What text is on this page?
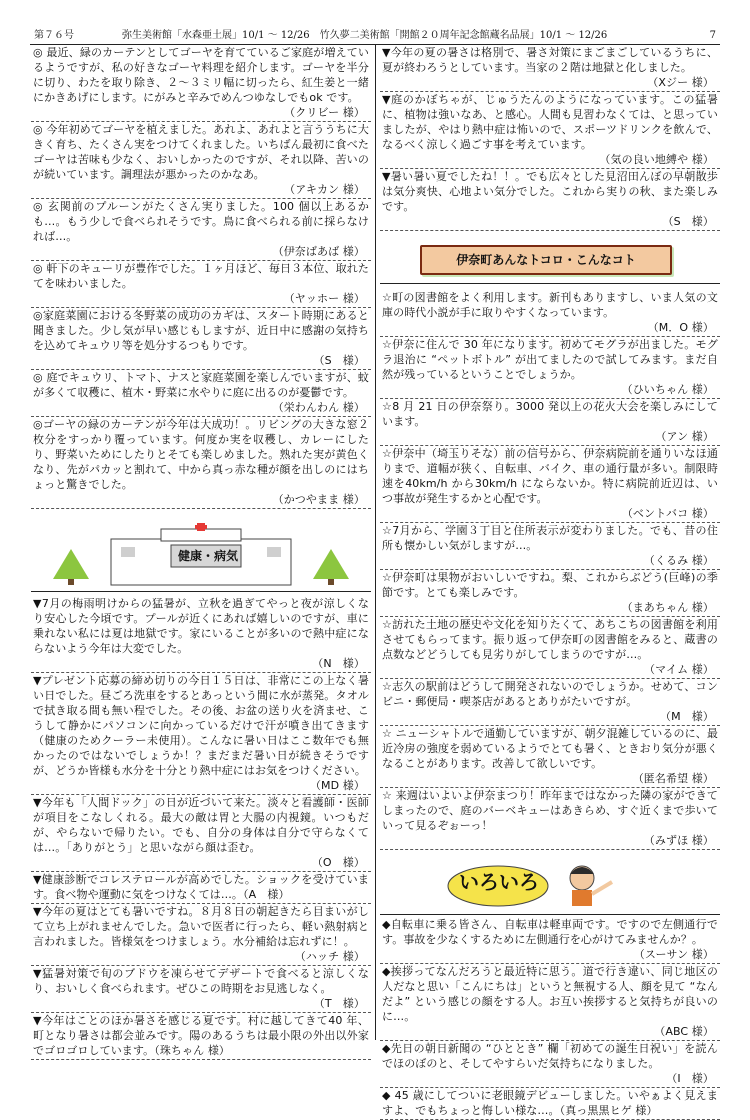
第７６号	弥生美術館「水森亜土展」10/1 ～ 12/26　竹久夢二美術館「開館２０周年記念館蔵名品展」10/1 ～ 12/26	7
◎ 最近、緑のカーテンとしてゴーヤを育てているご家庭が増えているようですが、私の好きなゴーヤ料理を紹介します。ゴーヤを半分に切り、わたを取り除き、２～３ミリ幅に切ったら、紅生姜と一緒にかきあげにします。にがみと辛みでめんつゆなしでもok です。
（クリビー 様）
◎ 今年初めてゴーヤを植えました。あれよ、あれよと言ううちに大きく育ち、たくさん実をつけてくれました。いちばん最初に食べたゴーヤは苦味も少なく、おいしかったのですが、それ以降、苦いのが続いています。調理法が悪かったのかなあ。
（アキカン 様）
◎ 玄関前のプルーンがたくさん実りました。100 個以上あるかも…。もう少しで食べられそうです。鳥に食べられる前に採らなければ…。
（伊奈ばあば 様）
◎ 軒下のキューリが豊作でした。１ヶ月ほど、毎日３本位、取れたてを味わいました。
（ヤッホー 様）
◎家庭菜園における冬野菜の成功のカギは、スタート時期にあると聞きました。少し気が早い感じもしますが、近日中に感謝の気持ちを込めてキュウリ等を処分するつもりです。
（S　様）
◎ 庭でキュウリ、トマト、ナスと家庭菜園を楽しんでいますが、蚊が多くて収穫に、植木・野菜に水やりに庭に出るのが憂鬱です。
（栄わんわん 様）
◎ゴーヤの緑のカーテンが今年は大成功！。リビングの大きな窓２枚分をすっかり覆っています。何度か実を収穫し、カレーにしたり、野菜いためにしたりとそても楽しめました。熟れた実が黄色くなり、先がパカッと割れて、中から真っ赤な種が顔を出しのにはちょっと驚きでした。
（かつやまま 様）
健康・病気
▼7月の梅雨明けからの猛暑が、立秋を過ぎてやっと夜が涼しくなり安心した今頃です。プールが近くにあれば嬉しいのですが、車に乗れない私には夏は地獄です。家にいることが多いので熱中症にならないよう今年は大変でした。
（N　様）
▼プレゼント応募の締め切りの今日１５日は、非常にこの上なく暑い日でした。昼ごろ洗車をするとあっという間に水が蒸発。タオルで拭き取る間も無い程でした。その後、お盆の送り火を済ませ、こうして静かにパソコンに向かっているだけで汗が噴き出てきます（健康のためクーラー未使用）。こんなに暑い日はここ数年でも無かったのではないでしょうか！？まだまだ暑い日が続きそうですが、どうか皆様も水分を十分とり熱中症にはお気をつけください。
（MD 様）
▼今年も「人間ドック」の日が近づいて来た。淡々と看護師・医師が項目をこなしくれる。最大の敵は胃と大腸の内視鏡。いつもだが、やらないで帰りたい。でも、自分の身体は自分で守らなくては…。「ありがとう」と思いながら顔は歪む。
（O　様）
▼健康診断でコレステロールが高めでした。ショックを受けています。食べ物や運動に気をつけなくては…。（A　様）
▼今年の夏はとても暑いですね。８月８日の朝起きたら目まいがして立ち上がれませんでした。急いで医者に行ったら、軽い熱射病と言われました。皆様気をつけましょう。水分補給は忘れずに！。
（ハッチ 様）
▼猛暑対策で旬のブドウを凍らせてデザートで食べると涼しくなり、おいしく食べられます。ぜひこの時期をお見逃しなく。
（T　様）
▼今年はことのほか暑さを感じる夏です。村に越してきて40 年、町となり暑さは都会並みです。陽のあるうちは最小限の外出以外家でゴロゴロしています。（珠ちゃん 様）
▼今年の夏の暑さは格別で、暑さ対策にまごまごしているうちに、夏が終わろうとしています。当家の２階は地獄と化しました。
（Xジー 様）
▼庭のかぼちゃが、じゅうたんのようになっています。この猛暑に、植物は強いなあ、と感心。人間も見習わなくては、と思っていましたが、やはり熱中症は怖いので、スポーツドリンクを飲んで、なるべく涼しく過ごす事を考えています。
（気の良い地縛や 様）
▼暑い暑い夏でしたね！！。でも広々とした見沼田んぼの早朝散歩は気分爽快、心地よい気分でした。これから実りの秋、また楽しみです。
（S　様）
伊奈町あんなトコロ・こんなコト
☆町の図書館をよく利用します。新刊もありますし、いま人気の文庫の時代小説が手に取りやすくなっています。
（M．O 様）
☆伊奈に住んで 30 年になります。初めてモグラが出ました。モグラ退治に “ペットボトル” が出てましたので試してみます。まだ自然が残っているということでしょうか。
（ひいちゃん 様）
☆8 月 21 日の伊奈祭り。3000 発以上の花火大会を楽しみにしています。
（アン 様）
☆伊奈中（埼玉りそな）前の信号から、伊奈病院前を通りいなほ通りまで、道幅が狭く、自転車、バイク、車の通行量が多い。制限時速を40km/h から30km/h にならないか。特に病院前近辺は、いつ事故が発生するかと心配です。
（ベントバコ 様）
☆7月から、学園３丁目と住所表示が変わりました。でも、昔の住所も懐かしい気がしますが…。
（くるみ 様）
☆伊奈町は果物がおいしいですね。梨、これからぶどう(巨峰)の季節です。とても楽しみです。
（まあちゃん 様）
☆訪れた土地の歴史や文化を知りたくて、あちこちの図書館を利用させてもらってます。振り返って伊奈町の図書館をみると、蔵書の点数などどうしても見劣りがしてしまうのですが…。
（マイム 様）
☆志久の駅前はどうして開発されないのでしょうか。せめて、コンビニ・郵便局・喫茶店があるとありがたいですが。
（M　様）
☆ ニューシャトルで通勤していますが、朝夕混雑しているのに、最近冷房の強度を弱めているようでとても暑く、ときおり気分が悪くなることがあります。改善して欲しいです。
（匿名希望 様）
☆ 来週はいよいよ伊奈まつり！昨年まではなかった隣の家ができてしまったので、庭のバーベキューはあきらめ、すぐ近くまで歩いていって見るぞぉーっ！
（みずほ 様）
いろいろ
◆自転車に乗る皆さん、自転車は軽車両です。ですので左側通行です。事故を少なくするために左側通行を心がけてみませんか？。
（スーサン 様）
◆挨拶ってなんだろうと最近特に思う。道で行き違い、同じ地区の人だなと思い「こんにちは」というと無視する人、顔を見て “なんだよ” という感じの顔をする人。お互い挨拶すると気持ちが良いのに…。
（ABC 様）
◆先日の朝日新聞の “ひととき” 欄「初めての誕生日祝い」を読んでほのぼのと、そしてやすらいだ気持ちになりました。
（I　様）
◆ 45 歳にしてついに老眼鏡デビューしました。いやぁよく見えますよ、でもちょっと悔しい様な…。（真っ黒黒ヒゲ 様）
